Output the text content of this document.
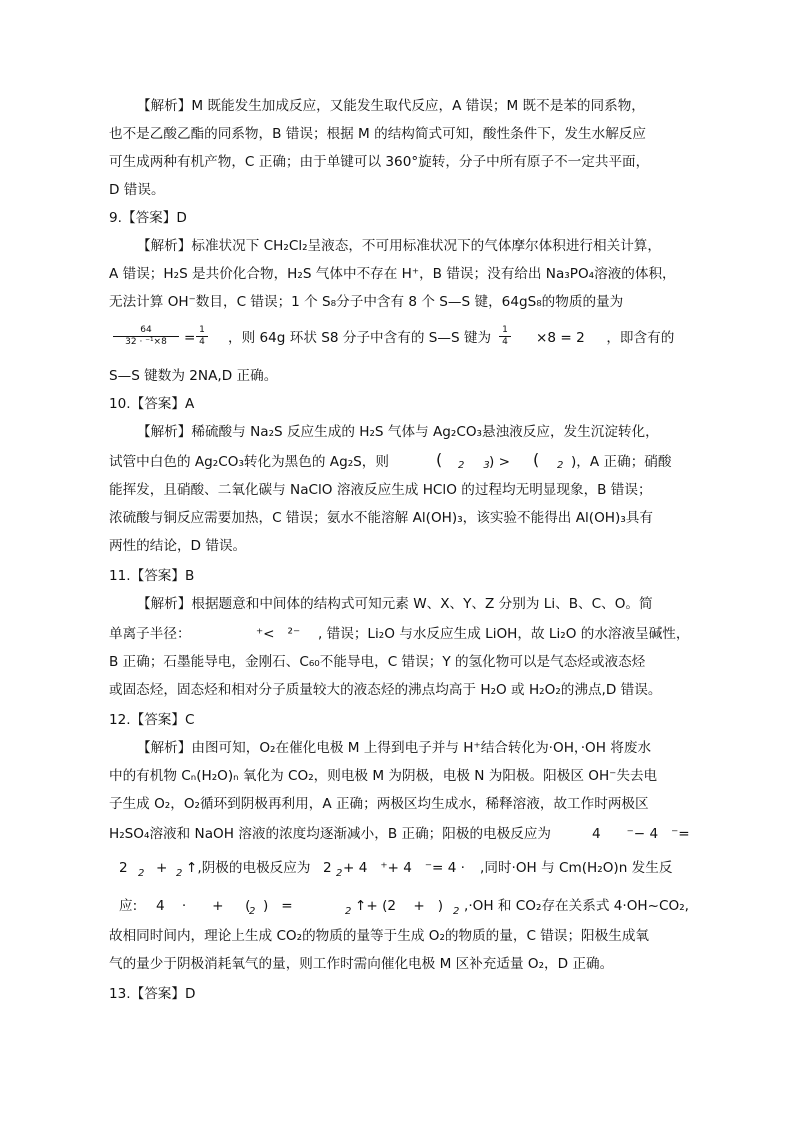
【解析】M 既能发生加成反应，又能发生取代反应，A 错误；M 既不是苯的同系物，
也不是乙酸乙酯的同系物，B 错误；根据 M 的结构简式可知，酸性条件下，发生水解反应
可生成两种有机产物，C 正确；由于单键可以 360°旋转，分子中所有原子不一定共平面，
D 错误。
9.【答案】D
【解析】标准状况下 CH₂Cl₂呈液态，不可用标准状况下的气体摩尔体积进行相关计算，
A 错误；H₂S 是共价化合物，H₂S 气体中不存在 H⁺，B 错误；没有给出 Na₃PO₄溶液的体积，
无法计算 OH⁻数目，C 错误；1 个 S₈分子中含有 8 个 S—S 键，64gS₈的物质的量为
$\frac{64}{\text{32 · ⁻¹×8}} = \frac{1}{4}$ ，则 64g 环状 S8 分子中含有的 S—S 键为 $\frac{1}{4} \times 8 = 2$     ，即含有的
S—S 键数为 2NA,D 正确。
10.【答案】A
【解析】稀硫酸与 Na₂S 反应生成的 H₂S 气体与 Ag₂CO₃悬浊液反应，发生沉淀转化，
试管中白色的 Ag₂CO₃转化为黑色的 Ag₂S，则	( 2      3 ) > ( 2 )，A 正确；硝酸
能挥发，且硝酸、二氧化碳与 NaClO 溶液反应生成 HClO 的过程均无明显现象，B 错误；
浓硫酸与铜反应需要加热，C 错误；氨水不能溶解 Al(OH)₃，该实验不能得出 Al(OH)₃具有
两性的结论，D 错误。
11.【答案】B
【解析】根据题意和中间体的结构式可知元素 W、X、Y、Z 分别为 Li、B、C、O。简
单离子半径：	⁺<   ²⁻ , 错误；Li₂O 与水反应生成 LiOH，故 Li₂O 的水溶液呈碱性，
B 正确；石墨能导电，金刚石、C₆₀不能导电，C 错误；Y 的氢化物可以是气态烃或液态烃
或固态烃，固态烃和相对分子质量较大的液态烃的沸点均高于 H₂O 或 H₂O₂的沸点,D 错误。
12.【答案】C
【解析】由图可知，O₂在催化电极 M 上得到电子并与 H⁺结合转化为·OH，·OH 将废水
中的有机物 Cₙ(H₂O)ₙ 氧化为 CO₂，则电极 M 为阴极，电极 N 为阳极。阳极区 OH⁻失去电
子生成 O₂，O₂循环到阴极再利用，A 正确；两极区均生成水，稀释溶液，故工作时两极区
H₂SO₄溶液和 NaOH 溶液的浓度均逐渐减小，B 正确；阳极的电极反应为	4      ⁻− 4   ⁻=
2 2 + 2 ↑,阴极的电极反应为 2 2 + 4   ⁺+ 4   ⁻= 4 · ,同时·OH 与 Cm(H₂O)n 发生反
应: 4    ·      +     (
2 )   =	2 ↑+ (2    +   ) 2 ,·OH 和 CO₂存在关系式 4·OH~CO₂,
故相同时间内，理论上生成 CO₂的物质的量等于生成 O₂的物质的量，C 错误；阳极生成氧
气的量少于阴极消耗氧气的量，则工作时需向催化电极 M 区补充适量 O₂，D 正确。
13.【答案】D
